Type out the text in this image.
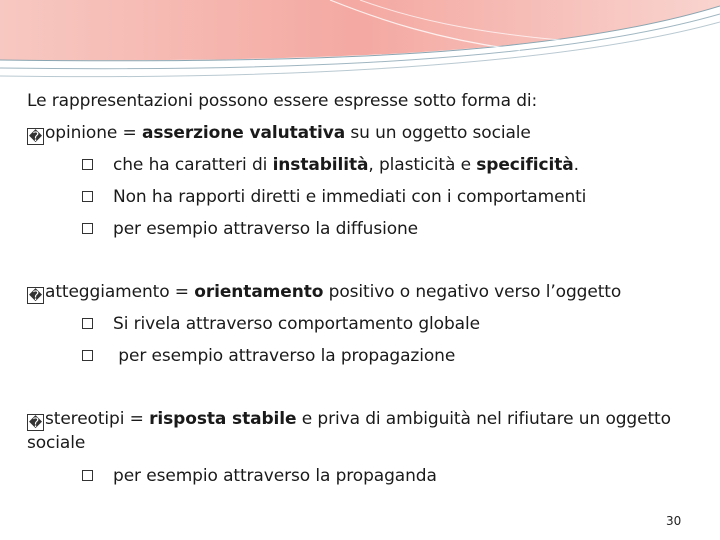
Le rappresentazioni possono essere espresse sotto forma di:
� opinione = asserzione valutativa su un oggetto sociale
che ha caratteri di instabilità, plasticità e specificità.
Non ha rapporti diretti e immediati con i comportamenti
per esempio attraverso la diffusione
� atteggiamento = orientamento positivo o negativo verso l’oggetto
Si rivela attraverso comportamento globale
per esempio attraverso la propagazione
� stereotipi = risposta stabile e priva di ambiguità nel rifiutare un oggetto
sociale
per esempio attraverso la propaganda
30
